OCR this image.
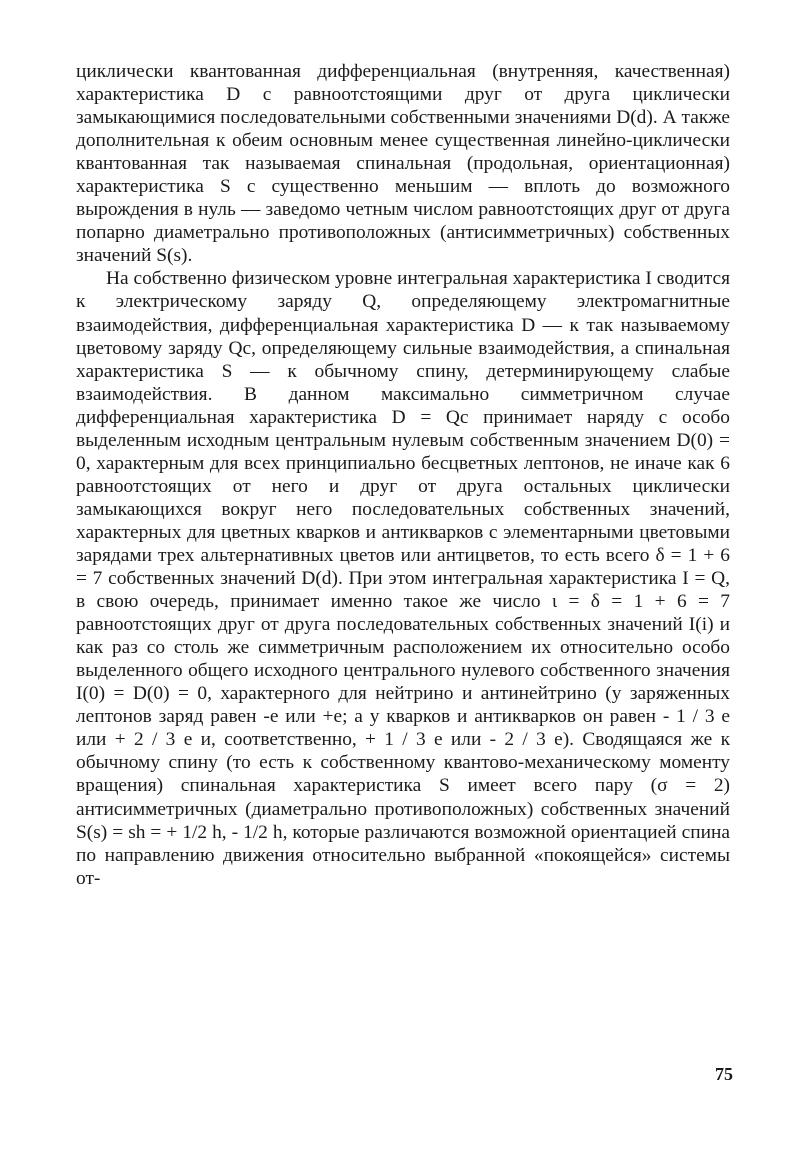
циклически квантованная дифференциальная (внутренняя, качественная) характеристика D с равноотстоящими друг от друга циклически замыкающимися последовательными собственными значениями D(d). А также дополнительная к обеим основным менее существенная линейно-циклически квантованная так называемая спинальная (продольная, ориентационная) характеристика S с существенно меньшим — вплоть до возможного вырождения в нуль — заведомо четным числом равноотстоящих друг от друга попарно диаметрально противоположных (антисимметричных) собственных значений S(s).

На собственно физическом уровне интегральная характеристика I сводится к электрическому заряду Q, определяющему электромагнитные взаимодействия, дифференциальная характеристика D — к так называемому цветовому заряду Qc, определяющему сильные взаимодействия, а спинальная характеристика S — к обычному спину, детерминирующему слабые взаимодействия. В данном максимально симметричном случае дифференциальная характеристика D = Qc принимает наряду с особо выделенным исходным центральным нулевым собственным значением D(0) = 0, характерным для всех принципиально бесцветных лептонов, не иначе как 6 равноотстоящих от него и друг от друга остальных циклически замыкающихся вокруг него последовательных собственных значений, характерных для цветных кварков и антикварков с элементарными цветовыми зарядами трех альтернативных цветов или антицветов, то есть всего δ = 1 + 6 = 7 собственных значений D(d). При этом интегральная характеристика I = Q, в свою очередь, принимает именно такое же число ι = δ = 1 + 6 = 7 равноотстоящих друг от друга последовательных собственных значений I(i) и как раз со столь же симметричным расположением их относительно особо выделенного общего исходного центрального нулевого собственного значения I(0) = D(0) = 0, характерного для нейтрино и антинейтрино (у заряженных лептонов заряд равен -е или +е; а у кварков и антикварков он равен - 1 / 3 е или + 2 / 3 е и, соответственно, + 1 / 3 е или - 2 / 3 е). Сводящаяся же к обычному спину (то есть к собственному квантово-механическому моменту вращения) спинальная характеристика S имеет всего пару (σ = 2) антисимметричных (диаметрально противоположных) собственных значений S(s) = sh = + 1/2 h, - 1/2 h, которые различаются возможной ориентацией спина по направлению движения относительно выбранной «покоящейся» системы от-

75
